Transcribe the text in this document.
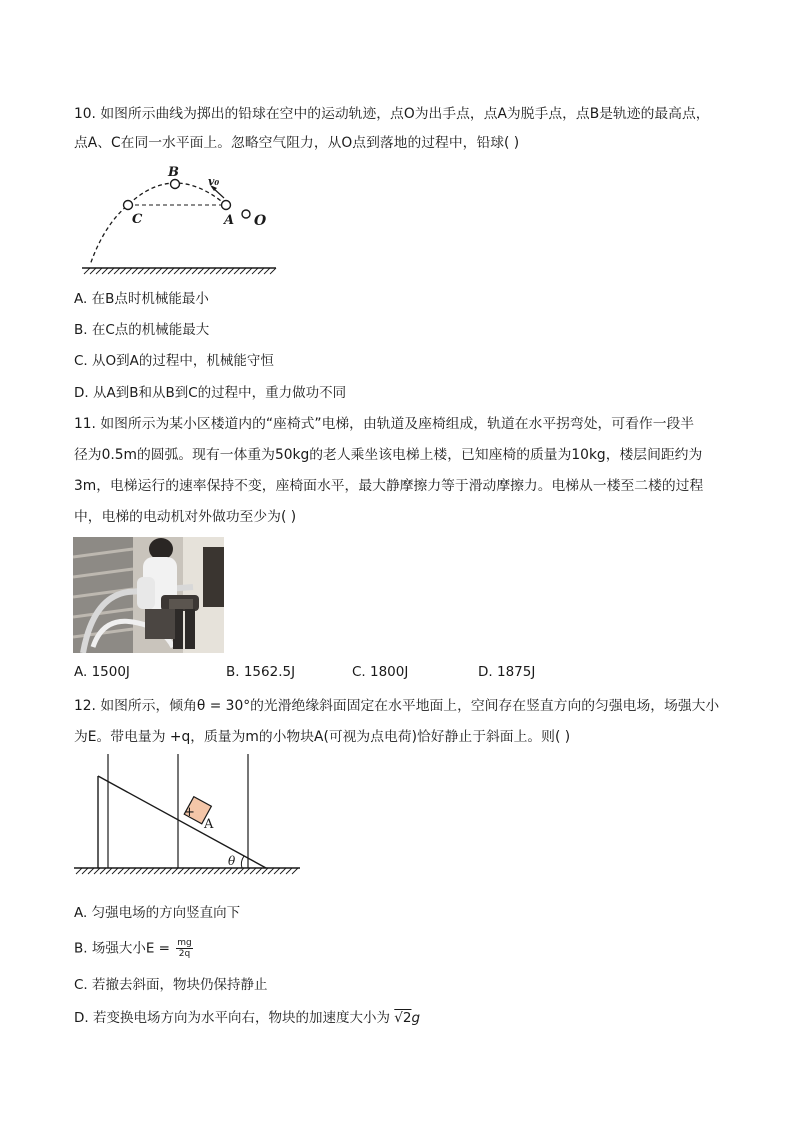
10. 如图所示曲线为掷出的铅球在空中的运动轨迹，点O为出手点，点A为脱手点，点B是轨迹的最高点，
点A、C在同一水平面上。忽略空气阻力，从O点到落地的过程中，铅球( )
B
C	A O
v₀
A. 在B点时机械能最小
B. 在C点的机械能最大
C. 从O到A的过程中，机械能守恒
D. 从A到B和从B到C的过程中，重力做功不同
11. 如图所示为某小区楼道内的“座椅式”电梯，由轨道及座椅组成，轨道在水平拐弯处，可看作一段半
径为0.5m的圆弧。现有一体重为50kg的老人乘坐该电梯上楼，已知座椅的质量为10kg，楼层间距约为
3m，电梯运行的速率保持不变，座椅面水平，最大静摩擦力等于滑动摩擦力。电梯从一楼至二楼的过程
中，电梯的电动机对外做功至少为( )
A. 1500J	B. 1562.5J	C. 1800J	D. 1875J
12. 如图所示，倾角θ = 30°的光滑绝缘斜面固定在水平地面上，空间存在竖直方向的匀强电场，场强大小
为E。带电量为 +q，质量为m的小物块A(可视为点电荷)恰好静止于斜面上。则( )
+
A
θ
A. 匀强电场的方向竖直向下
B. 场强大小$E = \frac{mg}{2q}$
C. 若撤去斜面，物块仍保持静止
D. 若变换电场方向为水平向右，物块的加速度大小为 √2g
